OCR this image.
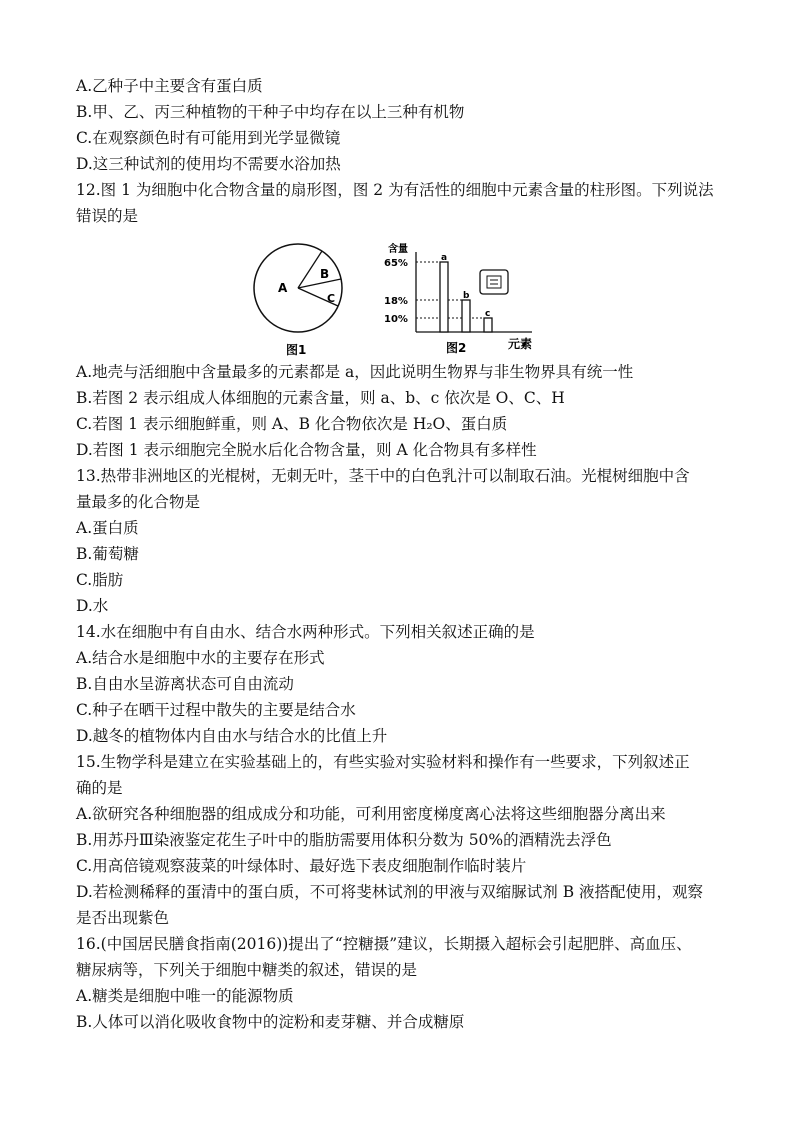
A.乙种子中主要含有蛋白质
B.甲、乙、丙三种植物的干种子中均存在以上三种有机物
C.在观察颜色时有可能用到光学显微镜
D.这三种试剂的使用均不需要水浴加热
12.图 1 为细胞中化合物含量的扇形图，图 2 为有活性的细胞中元素含量的柱形图。下列说法
错误的是
A
B
C
图1
含量
65%
18%
10%
a
b
c
图2	元素
A.地壳与活细胞中含量最多的元素都是 a，因此说明生物界与非生物界具有统一性
B.若图 2 表示组成人体细胞的元素含量，则 a、b、c 依次是 O、C、H
C.若图 1 表示细胞鲜重，则 A、B 化合物依次是 H₂O、蛋白质
D.若图 1 表示细胞完全脱水后化合物含量，则 A 化合物具有多样性
13.热带非洲地区的光棍树，无刺无叶，茎干中的白色乳汁可以制取石油。光棍树细胞中含
量最多的化合物是
A.蛋白质
B.葡萄糖
C.脂肪
D.水
14.水在细胞中有自由水、结合水两种形式。下列相关叙述正确的是
A.结合水是细胞中水的主要存在形式
B.自由水呈游离状态可自由流动
C.种子在晒干过程中散失的主要是结合水
D.越冬的植物体内自由水与结合水的比值上升
15.生物学科是建立在实验基础上的，有些实验对实验材料和操作有一些要求，下列叙述正
确的是
A.欲研究各种细胞器的组成成分和功能，可利用密度梯度离心法将这些细胞器分离出来
B.用苏丹Ⅲ染液鉴定花生子叶中的脂肪需要用体积分数为 50%的酒精洗去浮色
C.用高倍镜观察菠菜的叶绿体时、最好选下表皮细胞制作临时装片
D.若检测稀释的蛋清中的蛋白质，不可将斐林试剂的甲液与双缩脲试剂 B 液搭配使用，观察
是否出现紫色
16.(中国居民膳食指南(2016))提出了“控糖摄”建议，长期摄入超标会引起肥胖、高血压、
糖尿病等，下列关于细胞中糖类的叙述，错误的是
A.糖类是细胞中唯一的能源物质
B.人体可以消化吸收食物中的淀粉和麦芽糖、并合成糖原
